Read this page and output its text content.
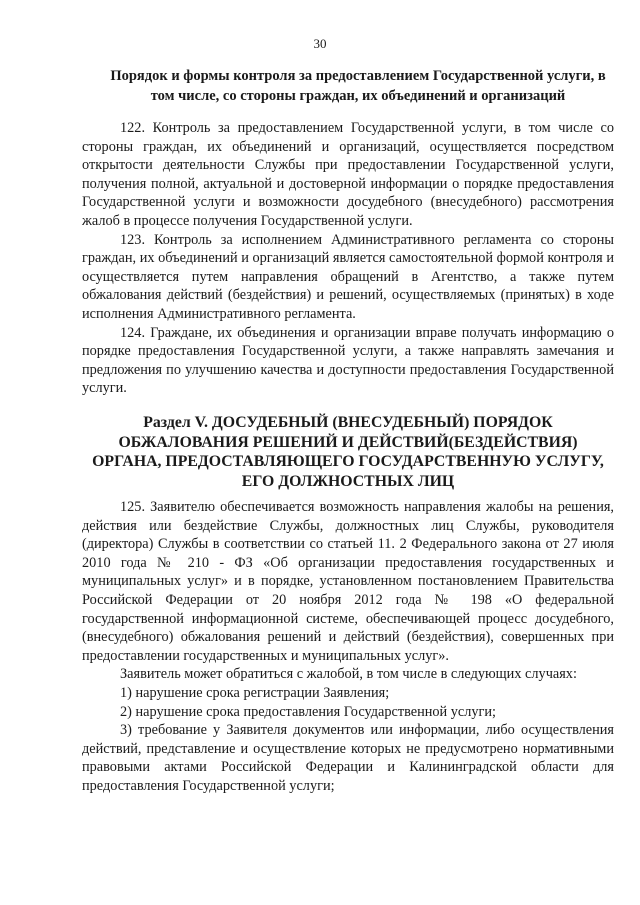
30
Порядок и формы контроля за предоставлением Государственной услуги, в том числе, со стороны граждан, их объединений и организаций

122. Контроль за предоставлением Государственной услуги, в том числе со стороны граждан, их объединений и организаций, осуществляется посредством открытости деятельности Службы при предоставлении Государственной услуги, получения полной, актуальной и достоверной информации о порядке предоставления Государственной услуги и возможности досудебного (внесудебного) рассмотрения жалоб в процессе получения Государственной услуги.

123. Контроль за исполнением Административного регламента со стороны граждан, их объединений и организаций является самостоятельной формой контроля и осуществляется путем направления обращений в Агентство, а также путем обжалования действий (бездействия) и решений, осуществляемых (принятых) в ходе исполнения Административного регламента.

124. Граждане, их объединения и организации вправе получать информацию о порядке предоставления Государственной услуги, а также направлять замечания и предложения по улучшению качества и доступности предоставления Государственной услуги.

Раздел V. ДОСУДЕБНЫЙ (ВНЕСУДЕБНЫЙ) ПОРЯДОК ОБЖАЛОВАНИЯ РЕШЕНИЙ И ДЕЙСТВИЙ(БЕЗДЕЙСТВИЯ) ОРГАНА, ПРЕДОСТАВЛЯЮЩЕГО ГОСУДАРСТВЕННУЮ УСЛУГУ, ЕГО ДОЛЖНОСТНЫХ ЛИЦ

125. Заявителю обеспечивается возможность направления жалобы на решения, действия или бездействие Службы, должностных лиц Службы, руководителя (директора) Службы в соответствии со статьей 11. 2 Федерального закона от 27 июля 2010 года № 210 - ФЗ «Об организации предоставления государственных и муниципальных услуг» и в порядке, установленном постановлением Правительства Российской Федерации от 20 ноября 2012 года № 198 «О федеральной государственной информационной системе, обеспечивающей процесс досудебного, (внесудебного) обжалования решений и действий (бездействия), совершенных при предоставлении государственных и муниципальных услуг».

Заявитель может обратиться с жалобой, в том числе в следующих случаях:

1) нарушение срока регистрации Заявления;

2) нарушение срока предоставления Государственной услуги;

3) требование у Заявителя документов или информации, либо осуществления действий, представление и осуществление которых не предусмотрено нормативными правовыми актами Российской Федерации и Калининградской области для предоставления Государственной услуги;
